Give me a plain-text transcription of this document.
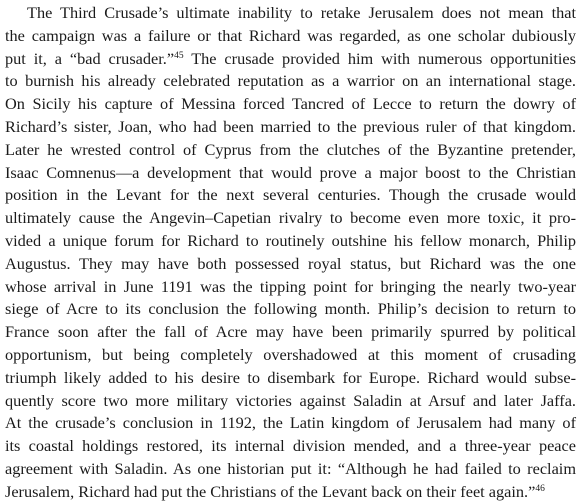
The Third Crusade’s ultimate inability to retake Jerusalem does not mean that
the campaign was a failure or that Richard was regarded, as one scholar dubiously
put it, a “bad crusader.”$^{45}$ The crusade provided him with numerous opportunities
to burnish his already celebrated reputation as a warrior on an international stage.
On Sicily his capture of Messina forced Tancred of Lecce to return the dowry of
Richard’s sister, Joan, who had been married to the previous ruler of that kingdom.
Later he wrested control of Cyprus from the clutches of the Byzantine pretender,
Isaac Comnenus—a development that would prove a major boost to the Christian
position in the Levant for the next several centuries. Though the crusade would
ultimately cause the Angevin–Capetian rivalry to become even more toxic, it pro-
vided a unique forum for Richard to routinely outshine his fellow monarch, Philip
Augustus. They may have both possessed royal status, but Richard was the one
whose arrival in June 1191 was the tipping point for bringing the nearly two-year
siege of Acre to its conclusion the following month. Philip’s decision to return to
France soon after the fall of Acre may have been primarily spurred by political
opportunism, but being completely overshadowed at this moment of crusading
triumph likely added to his desire to disembark for Europe. Richard would subse-
quently score two more military victories against Saladin at Arsuf and later Jaffa.
At the crusade’s conclusion in 1192, the Latin kingdom of Jerusalem had many of
its coastal holdings restored, its internal division mended, and a three-year peace
agreement with Saladin. As one historian put it: “Although he had failed to reclaim
Jerusalem, Richard had put the Christians of the Levant back on their feet again.”$^{46}$
